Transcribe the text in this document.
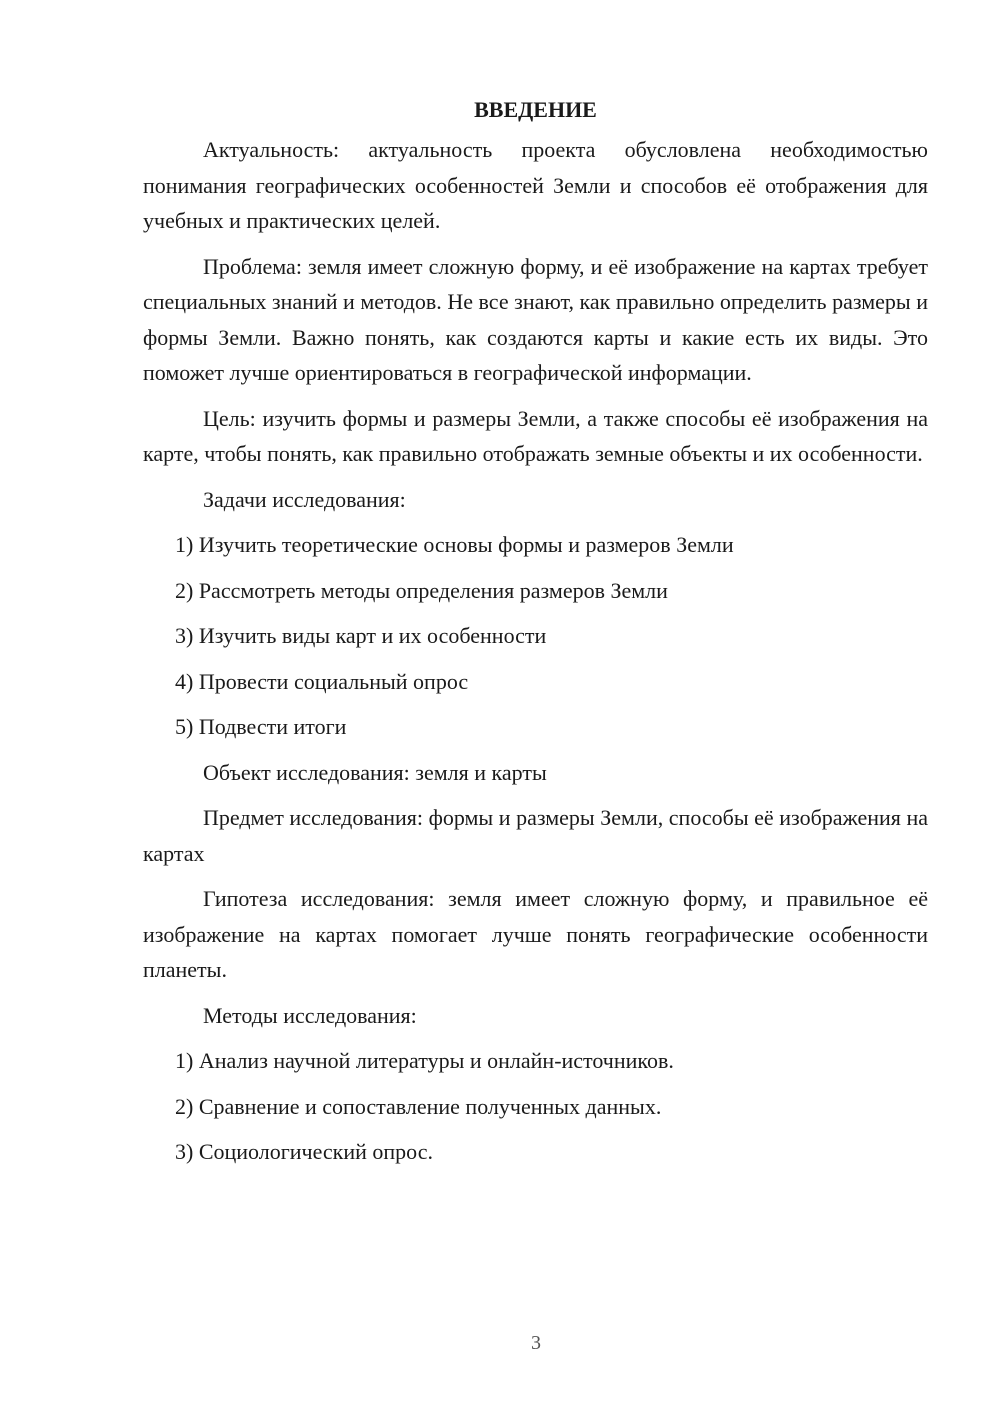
ВВЕДЕНИЕ

Актуальность: актуальность проекта обусловлена необходимостью понимания географических особенностей Земли и способов её отображения для учебных и практических целей.

Проблема: земля имеет сложную форму, и её изображение на картах требует специальных знаний и методов. Не все знают, как правильно определить размеры и формы Земли. Важно понять, как создаются карты и какие есть их виды. Это поможет лучше ориентироваться в географической информации.

Цель: изучить формы и размеры Земли, а также способы её изображения на карте, чтобы понять, как правильно отображать земные объекты и их особенности.

Задачи исследования:

1) Изучить теоретические основы формы и размеров Земли
2) Рассмотреть методы определения размеров Земли
3) Изучить виды карт и их особенности
4) Провести социальный опрос
5) Подвести итоги

Объект исследования: земля и карты

Предмет исследования: формы и размеры Земли, способы её изображения на картах

Гипотеза исследования: земля имеет сложную форму, и правильное её изображение на картах помогает лучше понять географические особенности планеты.

Методы исследования:

1) Анализ научной литературы и онлайн-источников.
2) Сравнение и сопоставление полученных данных.
3) Социологический опрос.
3
